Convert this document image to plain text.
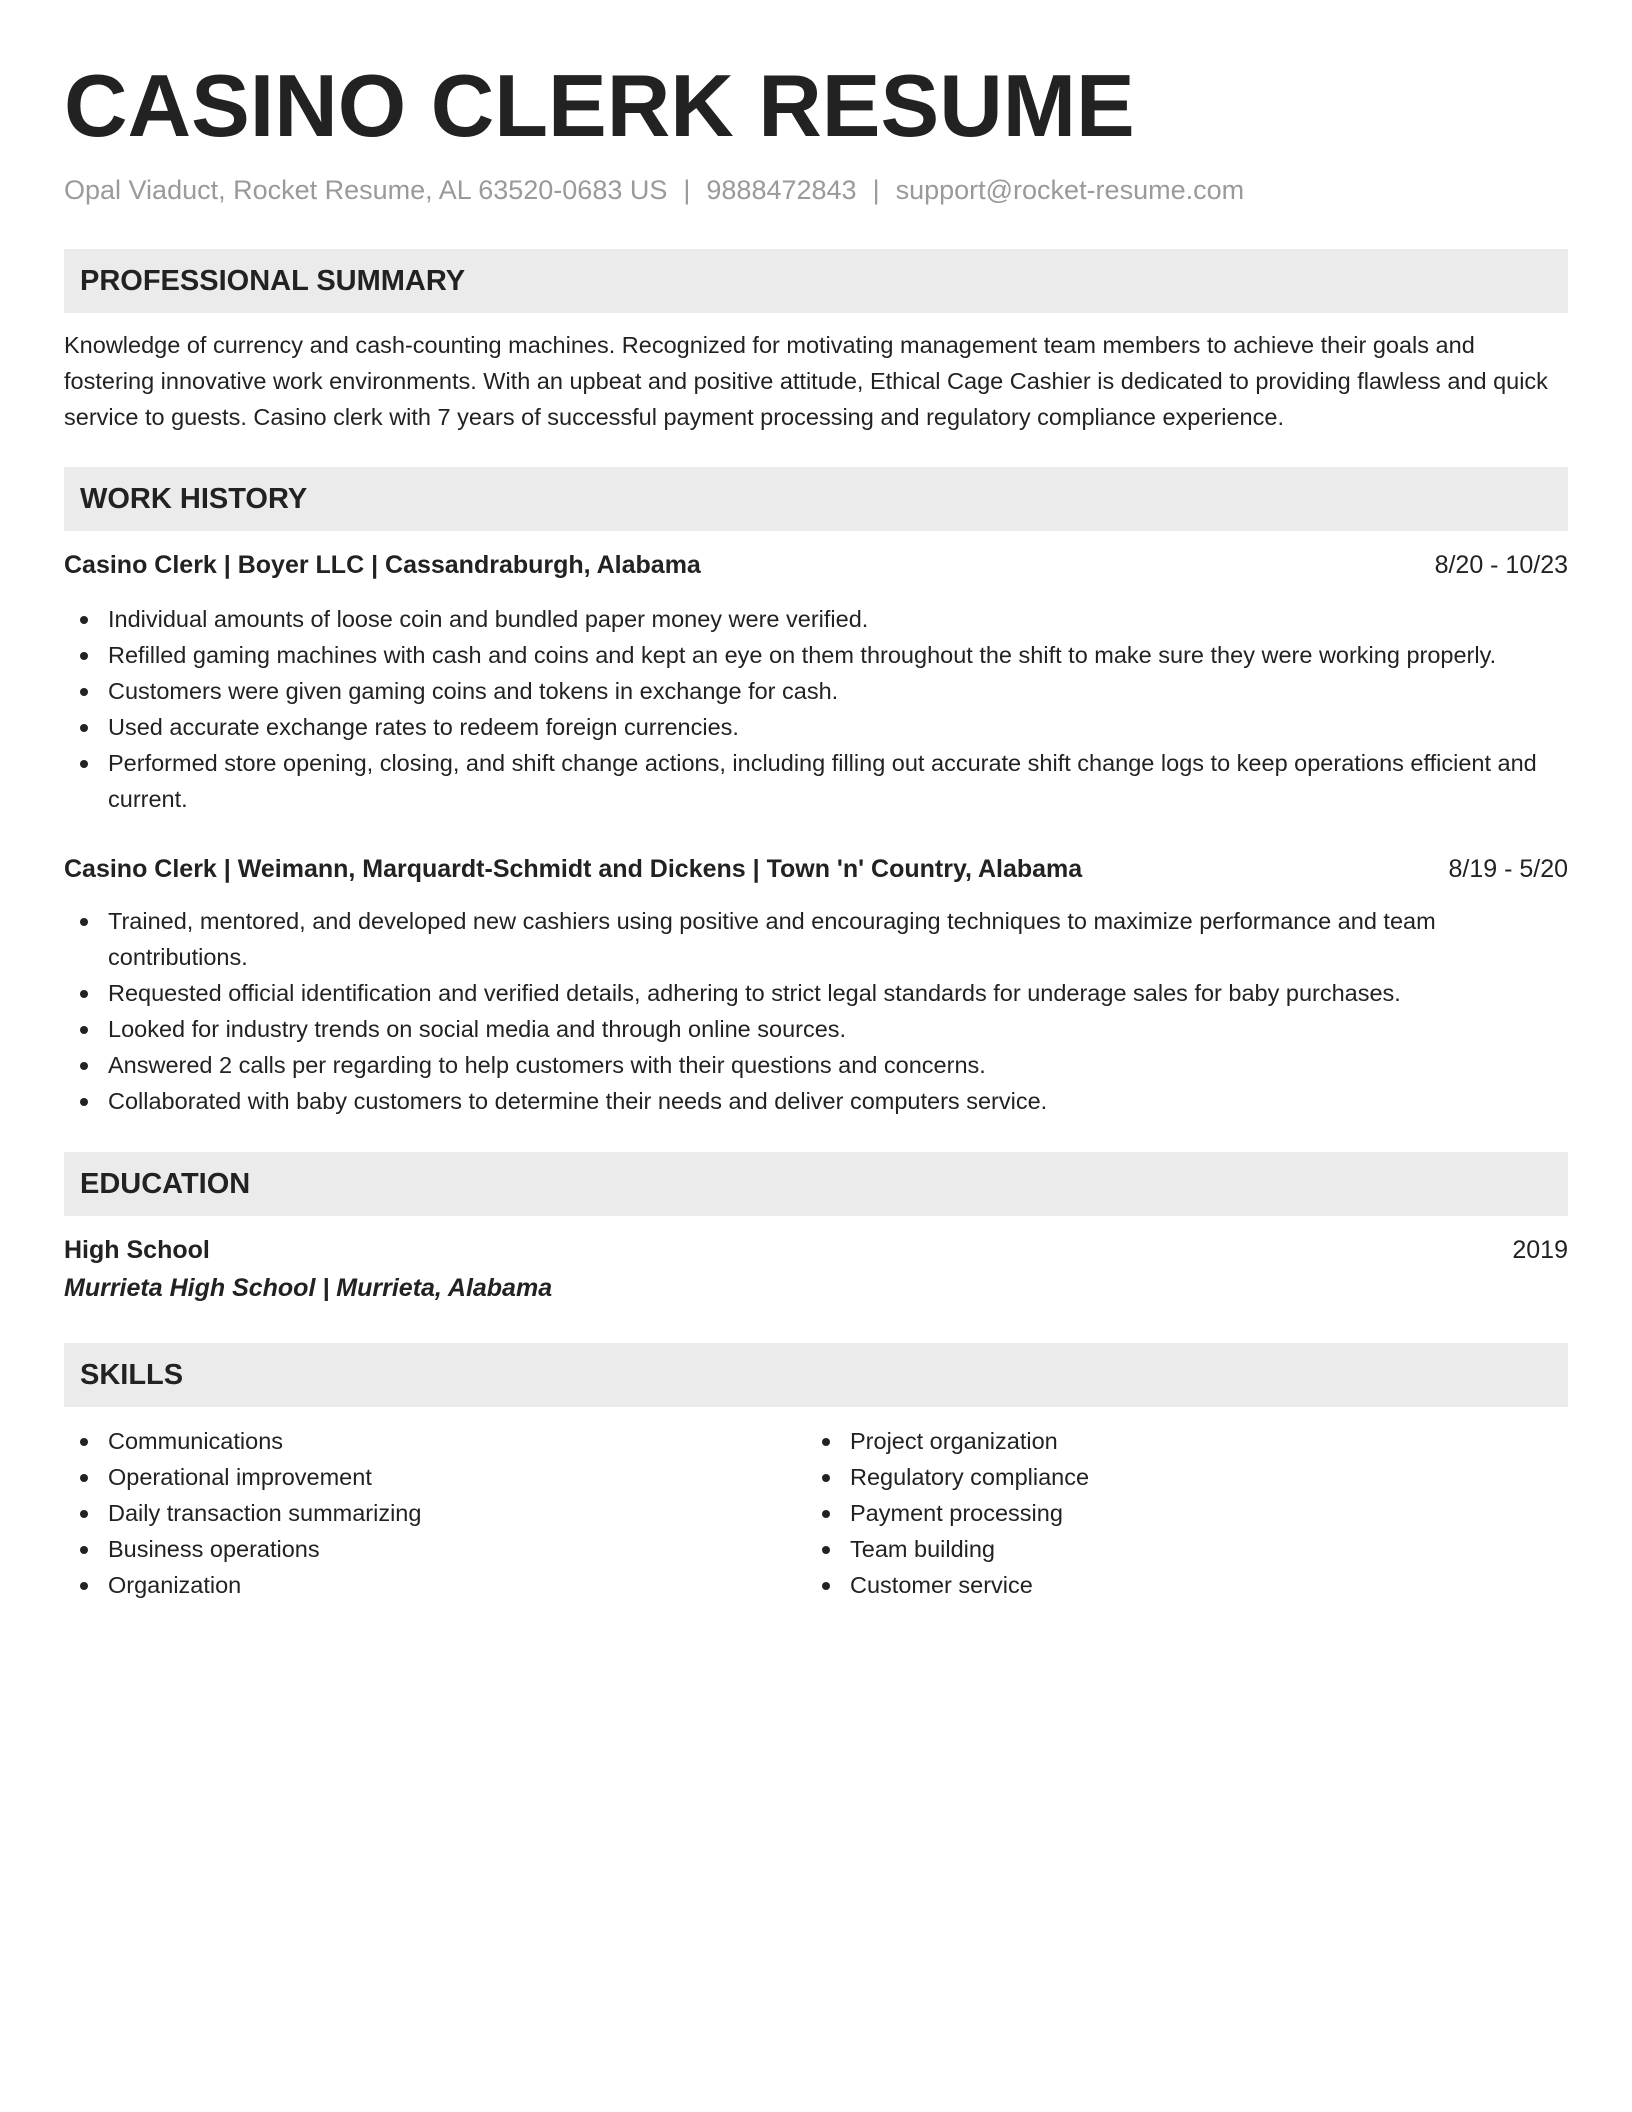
CASINO CLERK RESUME
Opal Viaduct, Rocket Resume, AL 63520-0683 US | 9888472843 | support@rocket-resume.com
PROFESSIONAL SUMMARY
Knowledge of currency and cash-counting machines. Recognized for motivating management team members to achieve their goals and fostering innovative work environments. With an upbeat and positive attitude, Ethical Cage Cashier is dedicated to providing flawless and quick service to guests. Casino clerk with 7 years of successful payment processing and regulatory compliance experience.
WORK HISTORY
Casino Clerk | Boyer LLC | Cassandraburgh, Alabama	8/20 - 10/23
Individual amounts of loose coin and bundled paper money were verified.
Refilled gaming machines with cash and coins and kept an eye on them throughout the shift to make sure they were working properly.
Customers were given gaming coins and tokens in exchange for cash.
Used accurate exchange rates to redeem foreign currencies.
Performed store opening, closing, and shift change actions, including filling out accurate shift change logs to keep operations efficient and current.
Casino Clerk | Weimann, Marquardt-Schmidt and Dickens | Town 'n' Country, Alabama	8/19 - 5/20
Trained, mentored, and developed new cashiers using positive and encouraging techniques to maximize performance and team contributions.
Requested official identification and verified details, adhering to strict legal standards for underage sales for baby purchases.
Looked for industry trends on social media and through online sources.
Answered 2 calls per regarding to help customers with their questions and concerns.
Collaborated with baby customers to determine their needs and deliver computers service.
EDUCATION
High School	2019
Murrieta High School | Murrieta, Alabama
SKILLS
Communications
Operational improvement
Daily transaction summarizing
Business operations
Organization
Project organization
Regulatory compliance
Payment processing
Team building
Customer service
